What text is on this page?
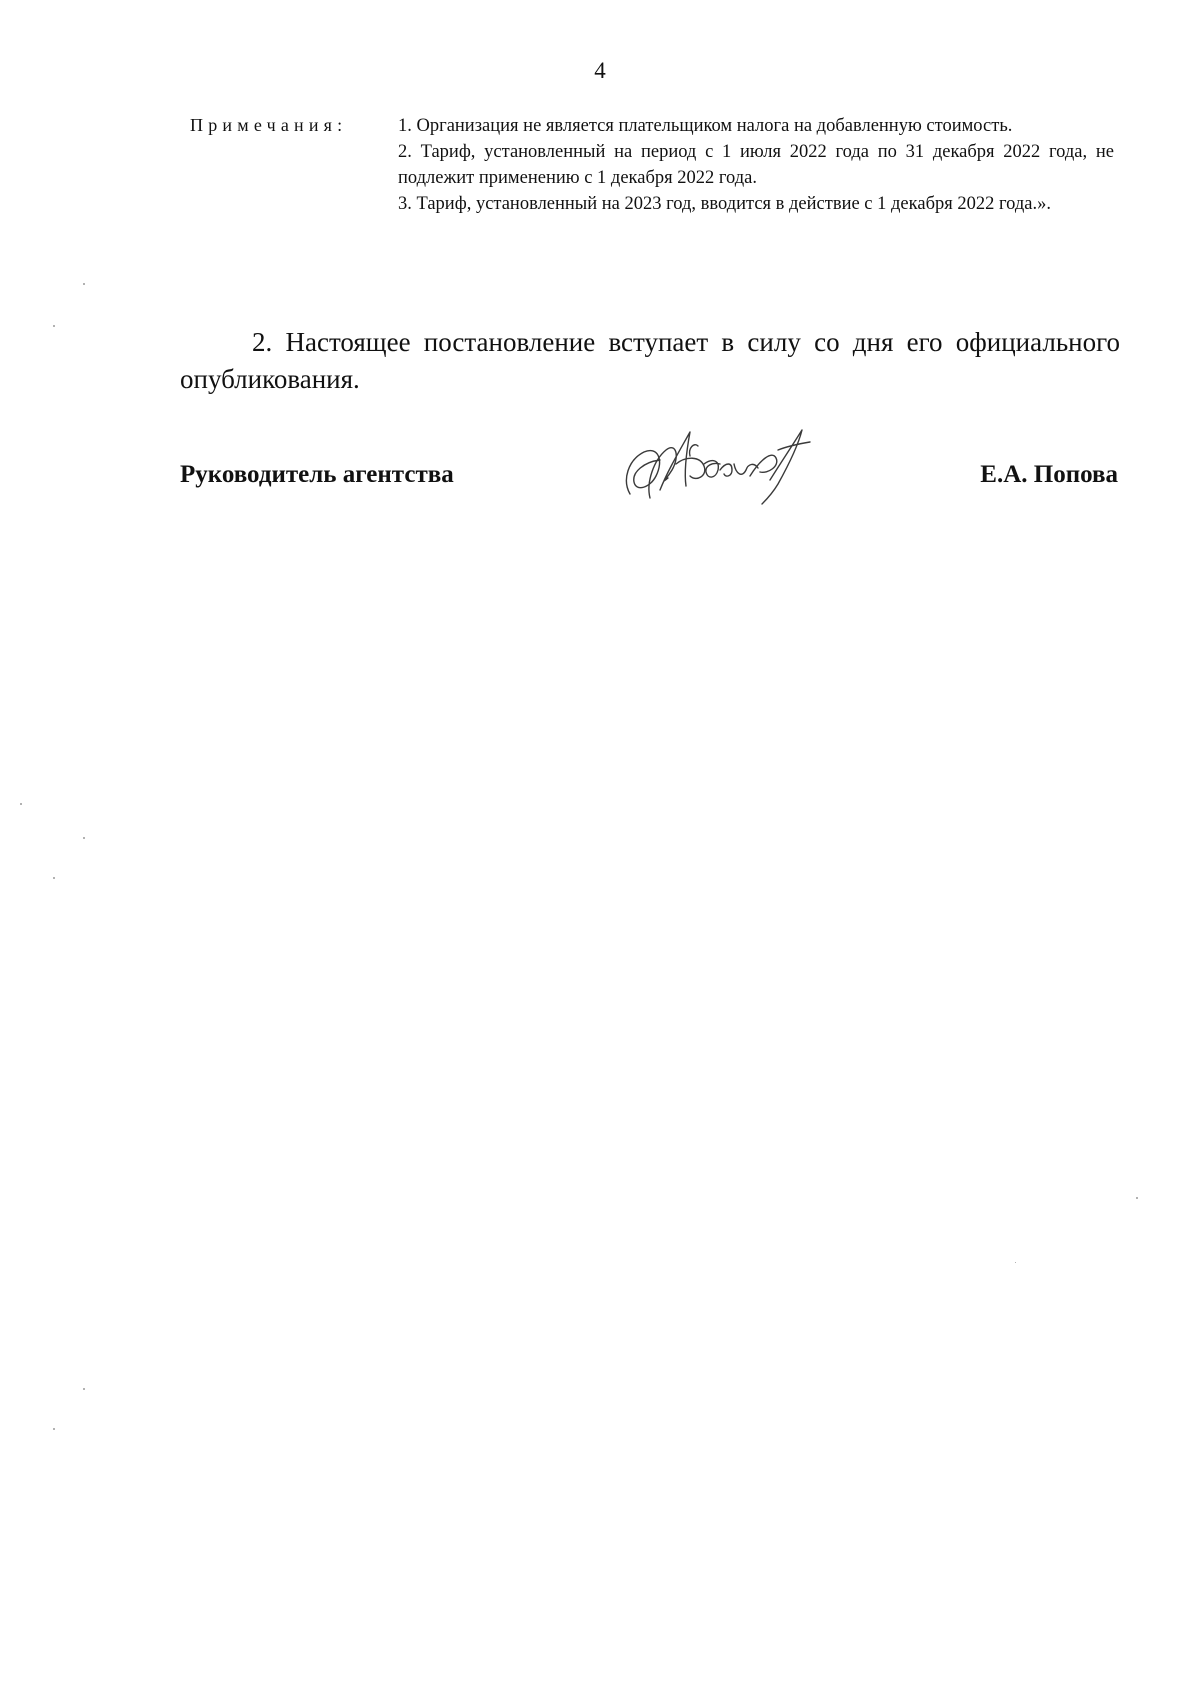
4
Примечания:	1. Организация не является плательщиком налога на добавленную стоимость.

2. Тариф, установленный на период с 1 июля 2022 года по 31 декабря 2022 года, не подлежит применению с 1 декабря 2022 года.

3. Тариф, установленный на 2023 год, вводится в действие с 1 декабря 2022 года.».

2. Настоящее постановление вступает в силу со дня его официального опубликования.
Руководитель агентства	Е.А. Попова
